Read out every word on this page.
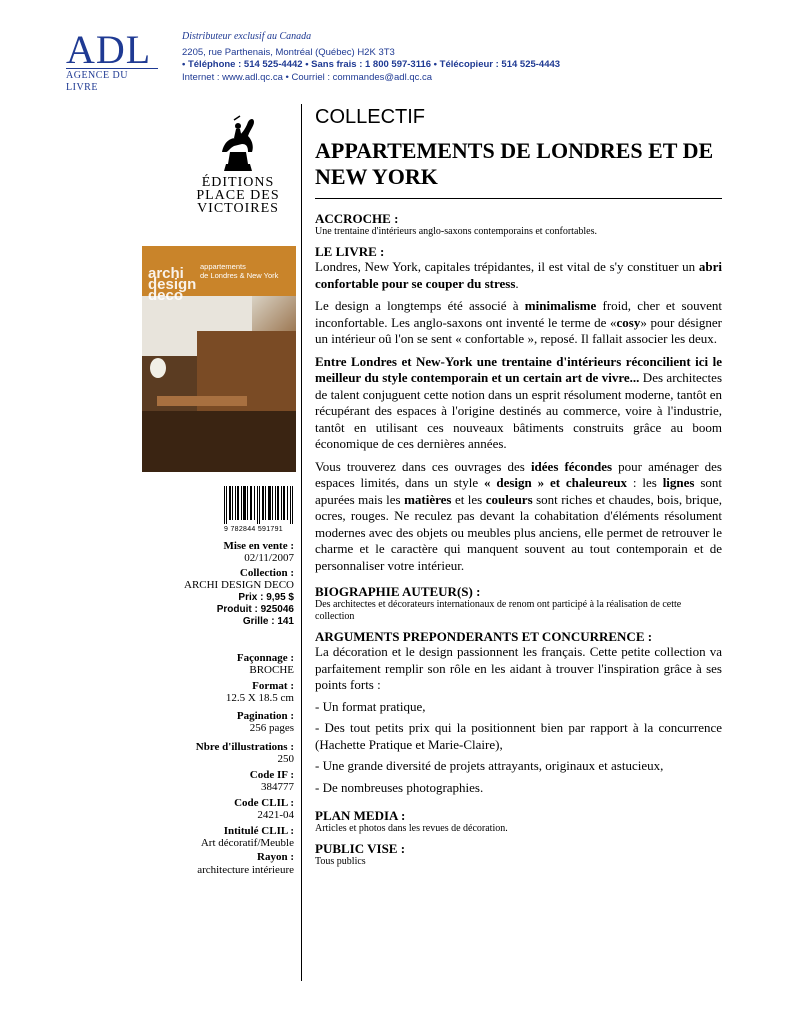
ADL
AGENCE DU LIVRE
Distributeur exclusif au Canada
2205, rue Parthenais, Montréal (Québec) H2K 3T3
• Téléphone : 514 525-4442 • Sans frais : 1 800 597-3116 • Télécopieur : 514 525-4443
Internet : www.adl.qc.ca • Courriel : commandes@adl.qc.ca
ÉDITIONS
PLACE DES
VICTOIRES
archi design deco
appartements
de Londres & New York
9 782844 591791
Mise en vente :
02/11/2007
Collection :
ARCHI DESIGN DECO
Prix : 9,95 $
Produit : 925046
Grille : 141
Façonnage :
BROCHE
Format :
12.5 X 18.5 cm
Pagination :
256 pages
Nbre d'illustrations :
250
Code IF :
384777
Code CLIL :
2421-04
Intitulé CLIL :
Art décoratif/Meuble
Rayon :
architecture intérieure
COLLECTIF
APPARTEMENTS DE LONDRES ET DE NEW YORK
ACCROCHE :
Une trentaine d'intérieurs anglo-saxons contemporains et confortables.
LE LIVRE :

Londres, New York, capitales trépidantes, il est vital de s'y constituer un abri confortable pour se couper du stress.

Le design a longtemps été associé à minimalisme froid, cher et souvent inconfortable. Les anglo-saxons ont inventé le terme de «cosy» pour désigner un intérieur oû l'on se sent « confortable », reposé. Il fallait associer les deux.

Entre Londres et New-York une trentaine d'intérieurs réconcilient ici le meilleur du style contemporain et un certain art de vivre... Des architectes de talent conjuguent cette notion dans un esprit résolument moderne, tantôt en récupérant des espaces à l'origine destinés au commerce, voire à l'industrie, tantôt en utilisant ces nouveaux bâtiments construits grâce au boom économique de ces dernières années.

Vous trouverez dans ces ouvrages des idées fécondes pour aménager des espaces limités, dans un style « design » et chaleureux : les lignes sont apurées mais les matières et les couleurs sont riches et chaudes, bois, brique, ocres, rouges. Ne reculez pas devant la cohabitation d'éléments résolument modernes avec des objets ou meubles plus anciens, elle permet de retrouver le charme et le caractère qui manquent souvent au tout contemporain et de personnaliser votre intérieur.

BIOGRAPHIE AUTEUR(S) :
Des architectes et décorateurs internationaux de renom ont participé à la réalisation de cette collection
ARGUMENTS PREPONDERANTS ET CONCURRENCE :

La décoration et le design passionnent les français. Cette petite collection va parfaitement remplir son rôle en les aidant à trouver l'inspiration grâce à ses points forts :

- Un format pratique,

- Des tout petits prix qui la positionnent bien par rapport à la concurrence (Hachette Pratique et Marie-Claire),

- Une grande diversité de projets attrayants, originaux et astucieux,

- De nombreuses photographies.

PLAN MEDIA :
Articles et photos dans les revues de décoration.
PUBLIC VISE :
Tous publics
